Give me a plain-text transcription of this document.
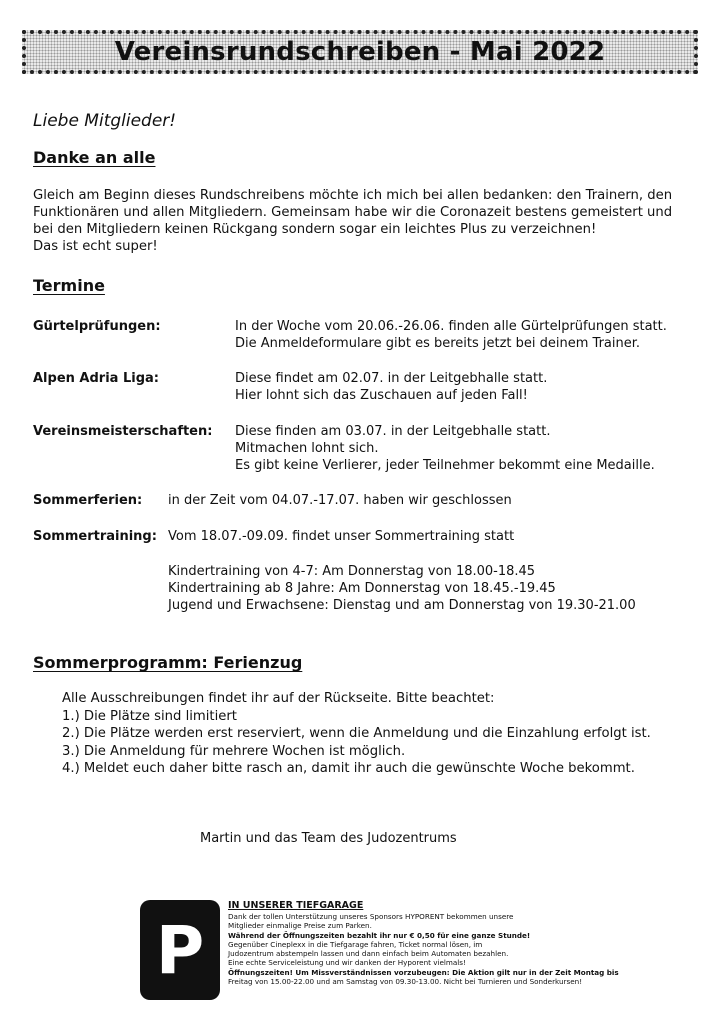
Vereinsrundschreiben - Mai 2022
Liebe Mitglieder!
Danke an alle

Gleich am Beginn dieses Rundschreibens möchte ich mich bei allen bedanken: den Trainern, den

Funktionären und allen Mitgliedern. Gemeinsam habe wir die Coronazeit bestens gemeistert und

bei den Mitgliedern keinen Rückgang sondern sogar ein leichtes Plus zu verzeichnen!

Das ist echt super!

Termine
Gürtelprüfungen:	In der Woche vom 20.06.-26.06. finden alle Gürtelprüfungen statt.
Die Anmeldeformulare gibt es bereits jetzt bei deinem Trainer.
Alpen Adria Liga:	Diese findet am 02.07. in der Leitgebhalle statt.
Hier lohnt sich das Zuschauen auf jeden Fall!
Vereinsmeisterschaften: Diese finden am 03.07. in der Leitgebhalle statt.
Mitmachen lohnt sich.
Es gibt keine Verlierer, jeder Teilnehmer bekommt eine Medaille.
Sommerferien: in der Zeit vom 04.07.-17.07. haben wir geschlossen
Sommertraining: Vom 18.07.-09.09. findet unser Sommertraining statt
Kindertraining von 4-7: Am Donnerstag von 18.00-18.45
Kindertraining ab 8 Jahre: Am Donnerstag von 18.45.-19.45
Jugend und Erwachsene: Dienstag und am Donnerstag von 19.30-21.00
Sommerprogramm: Ferienzug
Alle Ausschreibungen findet ihr auf der Rückseite. Bitte beachtet:
1.) Die Plätze sind limitiert
2.) Die Plätze werden erst reserviert, wenn die Anmeldung und die Einzahlung erfolgt ist.
3.) Die Anmeldung für mehrere Wochen ist möglich.
4.) Meldet euch daher bitte rasch an, damit ihr auch die gewünschte Woche bekommt.
Martin und das Team des Judozentrums
P
IN UNSERER TIEFGARAGE
Dank der tollen Unterstützung unseres Sponsors HYPORENT bekommen unsere
Mitglieder einmalige Preise zum Parken.
Während der Öffnungszeiten bezahlt ihr nur € 0,50 für eine ganze Stunde!
Gegenüber Cineplexx in die Tiefgarage fahren, Ticket normal lösen, im
Judozentrum abstempeln lassen und dann einfach beim Automaten bezahlen.
Eine echte Serviceleistung und wir danken der Hyporent vielmals!
Öffnungszeiten! Um Missverständnissen vorzubeugen: Die Aktion gilt nur in der Zeit Montag bis
Freitag von 15.00-22.00 und am Samstag von 09.30-13.00. Nicht bei Turnieren und Sonderkursen!
